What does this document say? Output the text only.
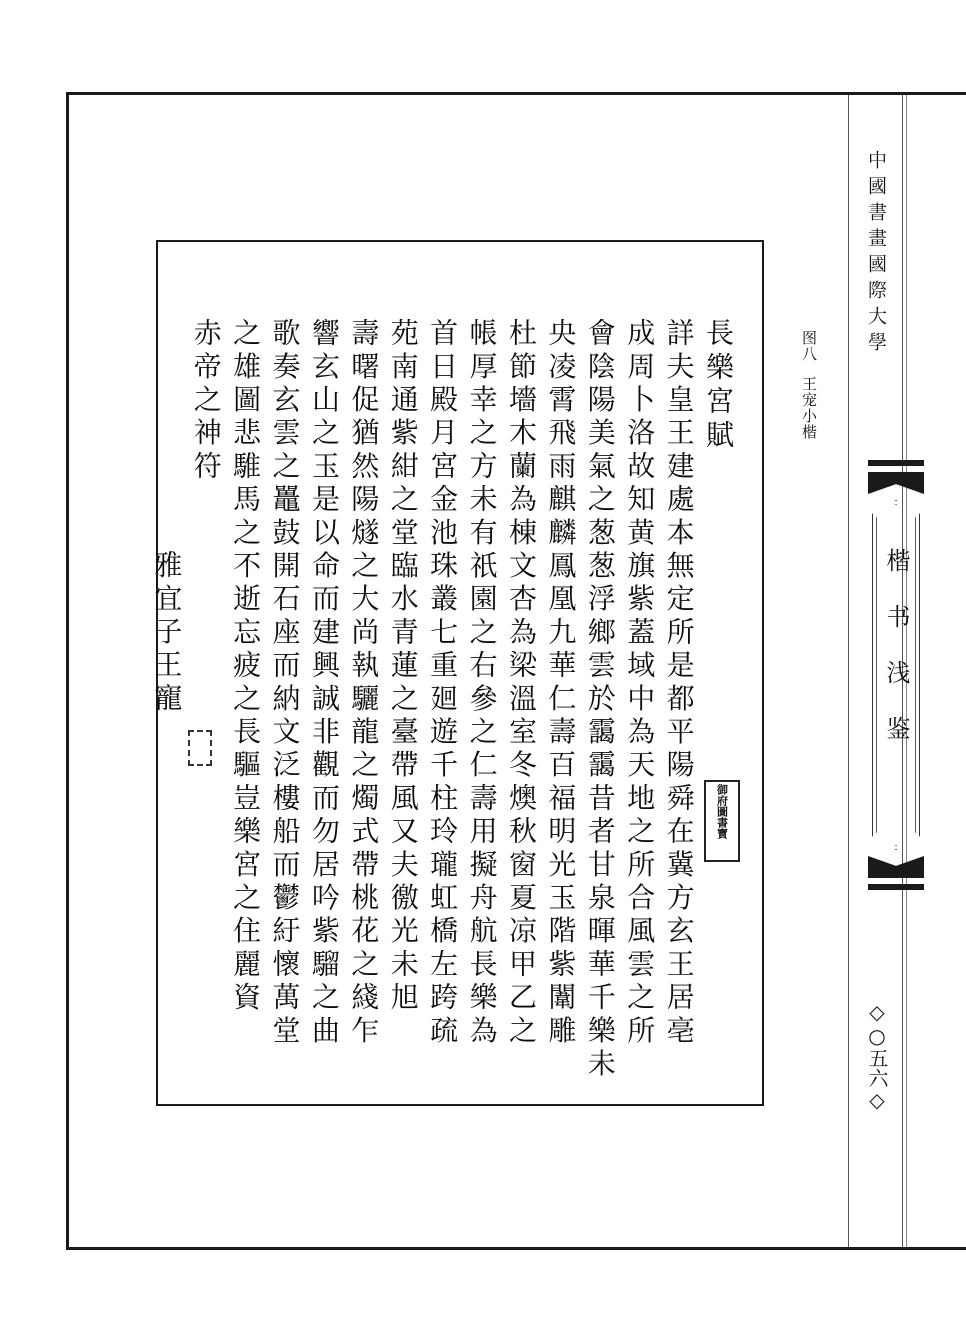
中國書畫國際大學
楷书浅鉴
◇○五六◇
图八王宠小楷
長樂宮賦
詳夫皇王建處本無定所是都平陽舜在冀方玄王居亳
成周卜洛故知黄旗紫蓋域中為天地之所合風雲之所
會陰陽美氣之葱葱浮鄉雲於靄靄昔者甘泉暉華千樂未
央凌霄飛雨麒麟鳳凰九華仁壽百福明光玉階紫闈雕
杜節墻木蘭為棟文杏為梁溫室冬燠秋窗夏凉甲乙之
帳厚幸之方未有祇園之右參之仁壽用擬舟航長樂為
首日殿月宮金池珠叢七重廻遊千柱玲瓏虹橋左跨疏
苑南通紫紺之堂臨水青蓮之臺帶風又夫徼光未旭
壽曙促猶然陽燧之大尚執驪龍之燭式帶桃花之綫乍
響玄山之玉是以命而建興誠非觀而勿居吟紫騮之曲
歌奏玄雲之鼉鼓開石座而納文泛樓船而鬱紆懷萬堂
之雄圖悲騅馬之不逝忘疲之長驅豈樂宮之住麗資
赤帝之神符
雅宜子王寵
御府圖書寶
